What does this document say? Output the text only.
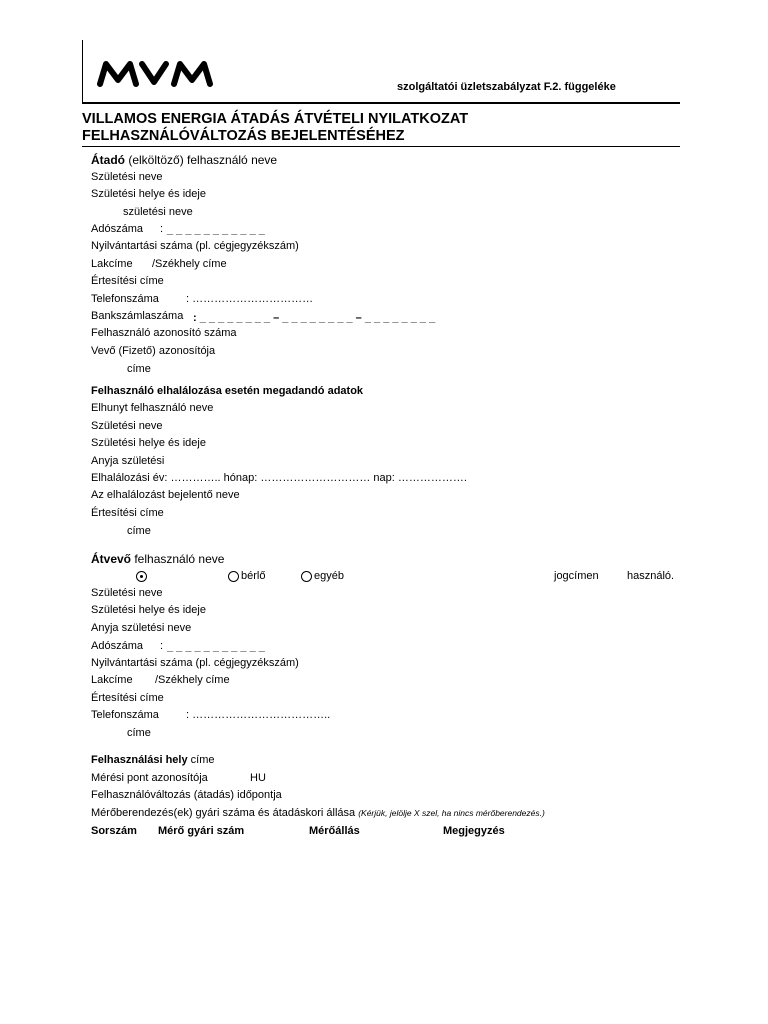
szolgáltatói üzletszabályzat F.2. függeléke
VILLAMOS ENERGIA ÁTADÁS ÁTVÉTELI NYILATKOZAT
FELHASZNÁLÓVÁLTOZÁS BEJELENTÉSÉHEZ
Átadó (elköltöző) felhasználó neve
Születési neve
Születési helye és ideje
születési neve
Adószáma : _ _ _ _ _ _ _ _ _ _ _
Nyilvántartási száma (pl. cégjegyzékszám)
Lakcíme /Székhely címe
Értesítési címe
Telefonszáma : ……………………………
Bankszámlaszáma : _ _ _ _ _ _ _ _ – _ _ _ _ _ _ _ _ – _ _ _ _ _ _ _ _
Felhasználó azonosító száma
Vevő (Fizető) azonosítója
címe
Felhasználó elhalálozása esetén megadandó adatok
Elhunyt felhasználó neve
Születési neve
Születési helye és ideje
Anyja születési
Elhalálozási év: ………….. hónap: ………………………… nap: ……………….
Az elhalálozást bejelentő neve
Értesítési címe
címe
Átvevő felhasználó neve
bérlő	egyéb	jogcímen	használó.
Születési neve
Születési helye és ideje
Anyja születési neve
Adószáma : _ _ _ _ _ _ _ _ _ _ _
Nyilvántartási száma (pl. cégjegyzékszám)
Lakcíme /Székhely címe
Értesítési címe
Telefonszáma : ………………………………..
címe
Felhasználási hely címe
Mérési pont azonosítója	HU
Felhasználóváltozás (átadás) időpontja
Mérőberendezés(ek) gyári száma és átadáskori állása (Kérjük, jelölje X szel, ha nincs mérőberendezés.)
Sorszám Mérő gyári szám	Mérőállás	Megjegyzés
